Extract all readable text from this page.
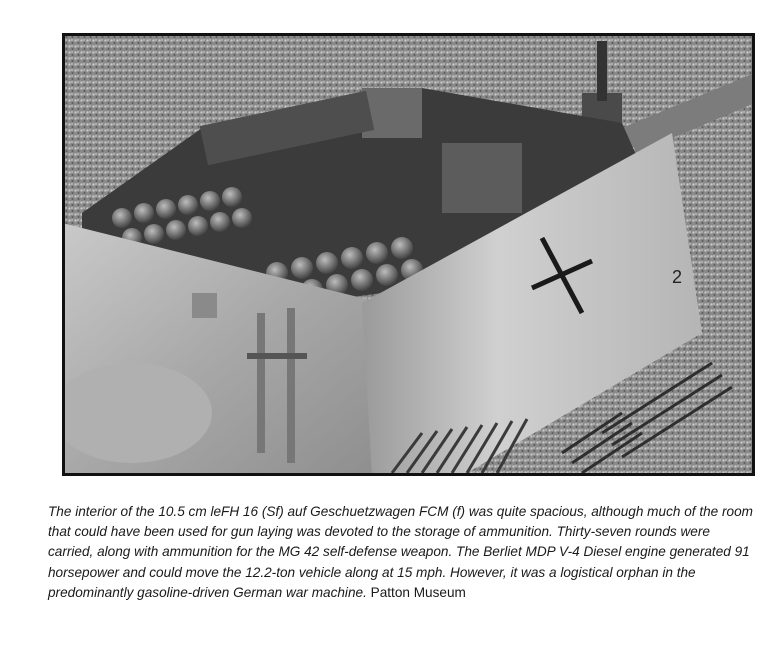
2

The interior of the 10.5 cm leFH 16 (Sf) auf Geschuetzwagen FCM (f) was quite spacious, although much of the room that could have been used for gun laying was devoted to the storage of ammunition. Thirty-seven rounds were carried, along with ammunition for the MG 42 self-defense weapon. The Berliet MDP V-4 Diesel engine generated 91 horsepower and could move the 12.2-ton vehicle along at 15 mph. However, it was a logistical orphan in the predominantly gasoline-driven German war machine. Patton Museum
